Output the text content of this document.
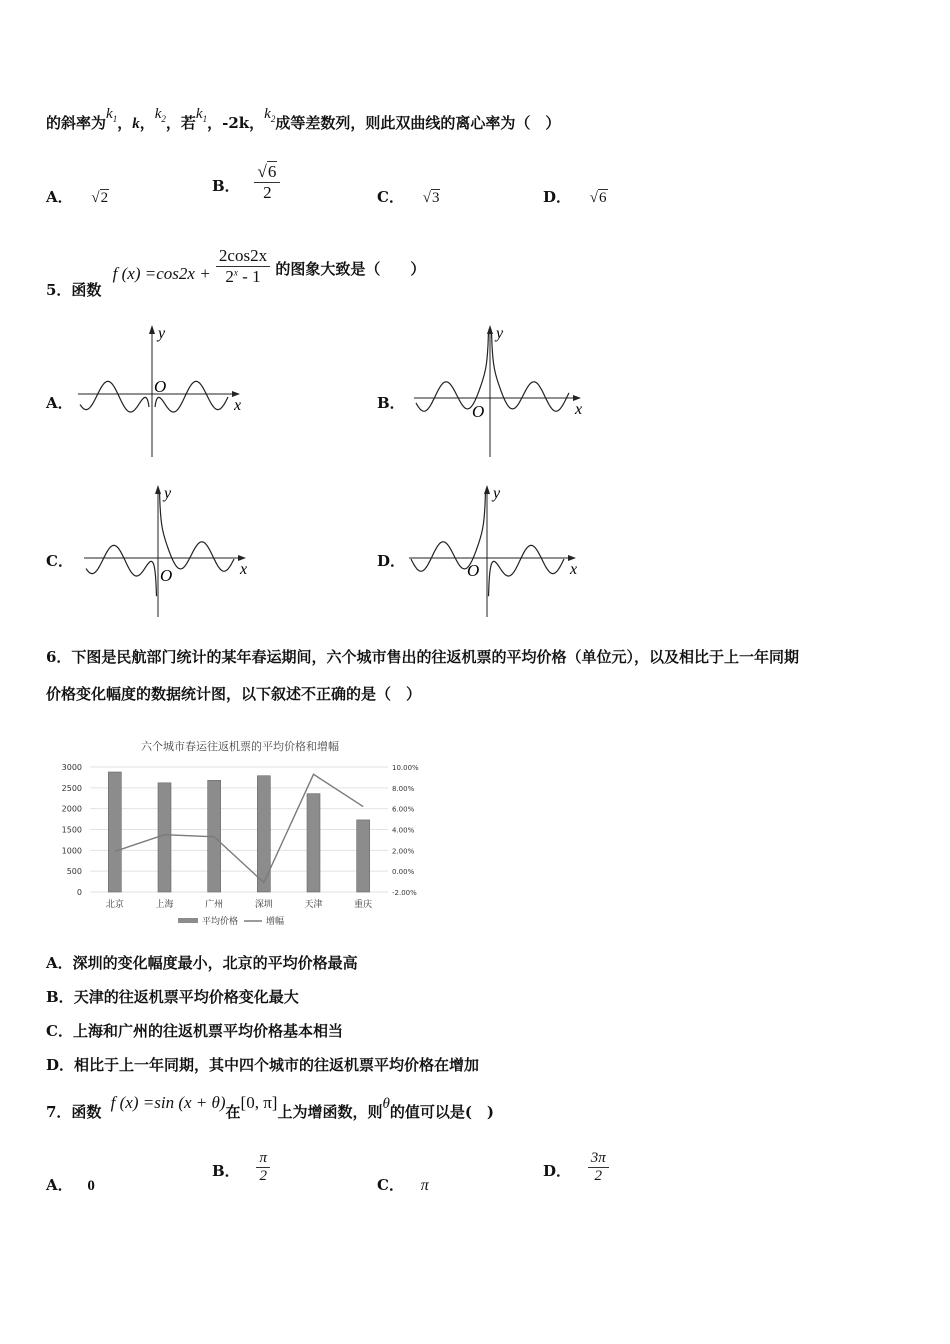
的斜率为$k_1$，k，$k_2$，若$k_1$，-2k，$k_2$成等差数列，则此双曲线的离心率为（　）
A． √2
B． $\frac{√6}{2}$	C． √3	D． √6
5．函数 f $(x) =\cos 2x + \frac{2\cos 2x}{2^x - 1}$ 的图象大致是（　　）
A．	x
y
O
B．	x
y
O
C．	x
y
O
D．	x
y
O
6．下图是民航部门统计的某年春运期间，六个城市售出的往返机票的平均价格（单位元），以及相比于上一年同期
价格变化幅度的数据统计图，以下叙述不正确的是（　）
六个城市春运往返机票的平均价格和增幅
3000
2500
2000
1500
1000
500
0
10.00%
8.00%
6.00%
4.00%
2.00%
0.00%
-2.00%
北京	上海	广州	深圳	天津	重庆
平均价格	增幅
A．深圳的变化幅度最小，北京的平均价格最高
B．天津的往返机票平均价格变化最大
C．上海和广州的往返机票平均价格基本相当
D．相比于上一年同期，其中四个城市的往返机票平均价格在增加
7．函数 f (x) =sin (x + θ)在[0, π]上为增函数，则θ的值可以是(　)
A． 0
B． $\frac{\pi}{2}$	C． π
D． $\frac{3\pi}{2}$
